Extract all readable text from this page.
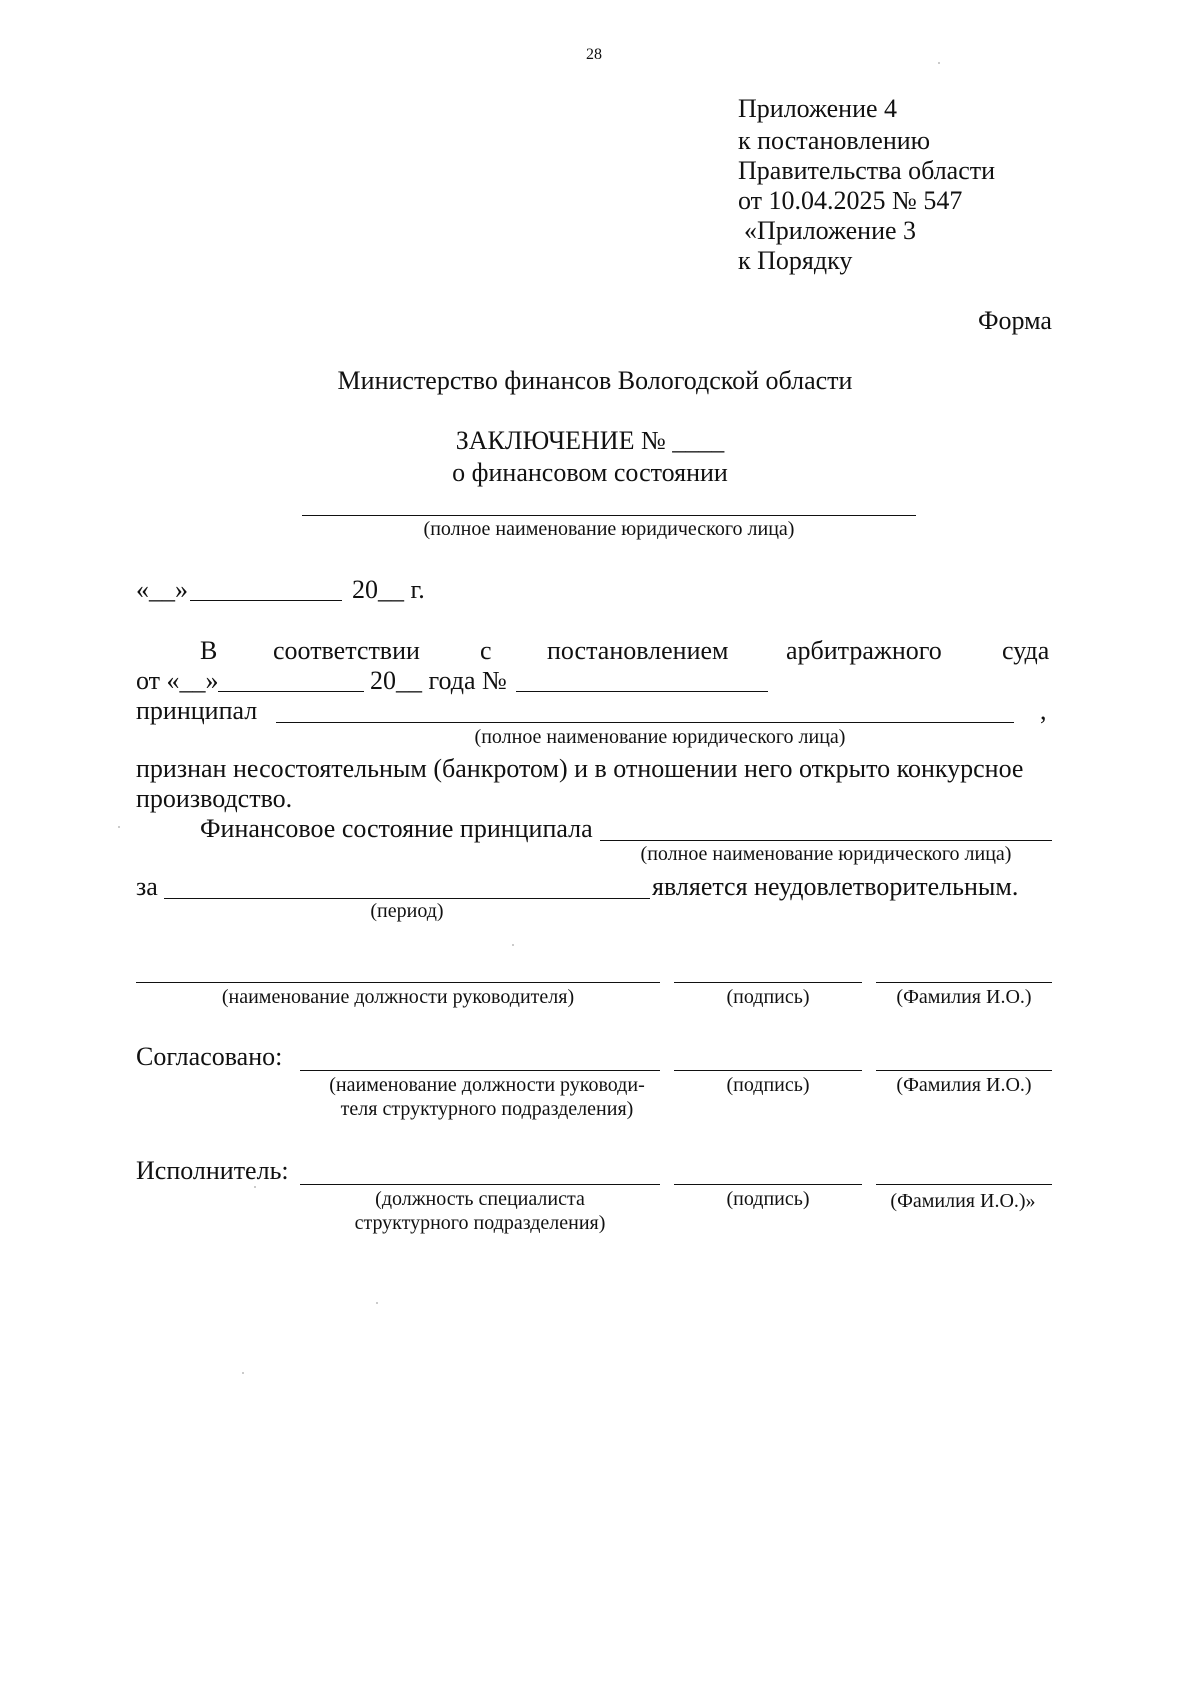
28
Приложение 4
к постановлению
Правительства области
от 10.04.2025 № 547
«Приложение 3
к Порядку
Форма
Министерство финансов Вологодской области
ЗАКЛЮЧЕНИЕ № ____
о финансовом состоянии
(полное наименование юридического лица)
«__»	20__ г.
В соответствии с постановлением арбитражного суда
от «__»	20__ года №
принципал	,
(полное наименование юридического лица)
признан несостоятельным (банкротом) и в отношении него открыто конкурсное
производство.
Финансовое состояние принципала
(полное наименование юридического лица)
за	является неудовлетворительным.
(период)
(наименование должности руководителя)	(подпись)	(Фамилия И.О.)
Согласовано:
(наименование должности руководи-
теля структурного подразделения)
(подпись)	(Фамилия И.О.)
Исполнитель:
(должность специалиста
структурного подразделения)
(подпись)	(Фамилия И.О.)»
